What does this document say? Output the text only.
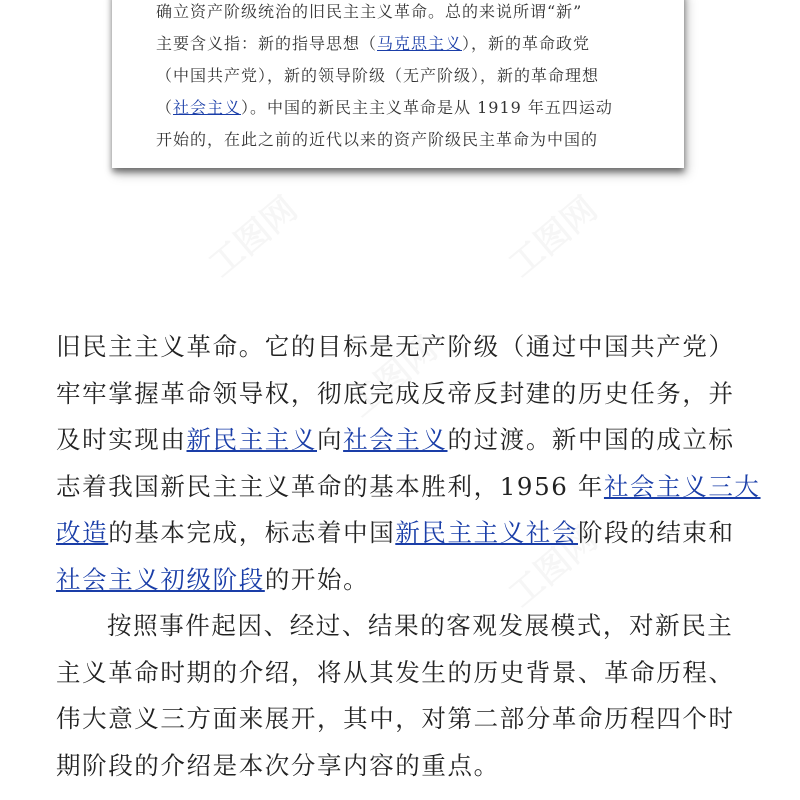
确立资产阶级统治的旧民主主义革命。总的来说所谓“新”
主要含义指：新的指导思想（马克思主义），新的革命政党
（中国共产党），新的领导阶级（无产阶级），新的革命理想
（社会主义）。中国的新民主主义革命是从 1919 年五四运动
开始的，在此之前的近代以来的资产阶级民主革命为中国的
旧民主主义革命。它的目标是无产阶级（通过中国共产党）
牢牢掌握革命领导权，彻底完成反帝反封建的历史任务，并
及时实现由新民主主义向社会主义的过渡。新中国的成立标
志着我国新民主主义革命的基本胜利，1956 年社会主义三大
改造的基本完成，标志着中国新民主主义社会阶段的结束和
社会主义初级阶段的开始。
按照事件起因、经过、结果的客观发展模式，对新民主
主义革命时期的介绍，将从其发生的历史背景、革命历程、
伟大意义三方面来展开，其中，对第二部分革命历程四个时
期阶段的介绍是本次分享内容的重点。
